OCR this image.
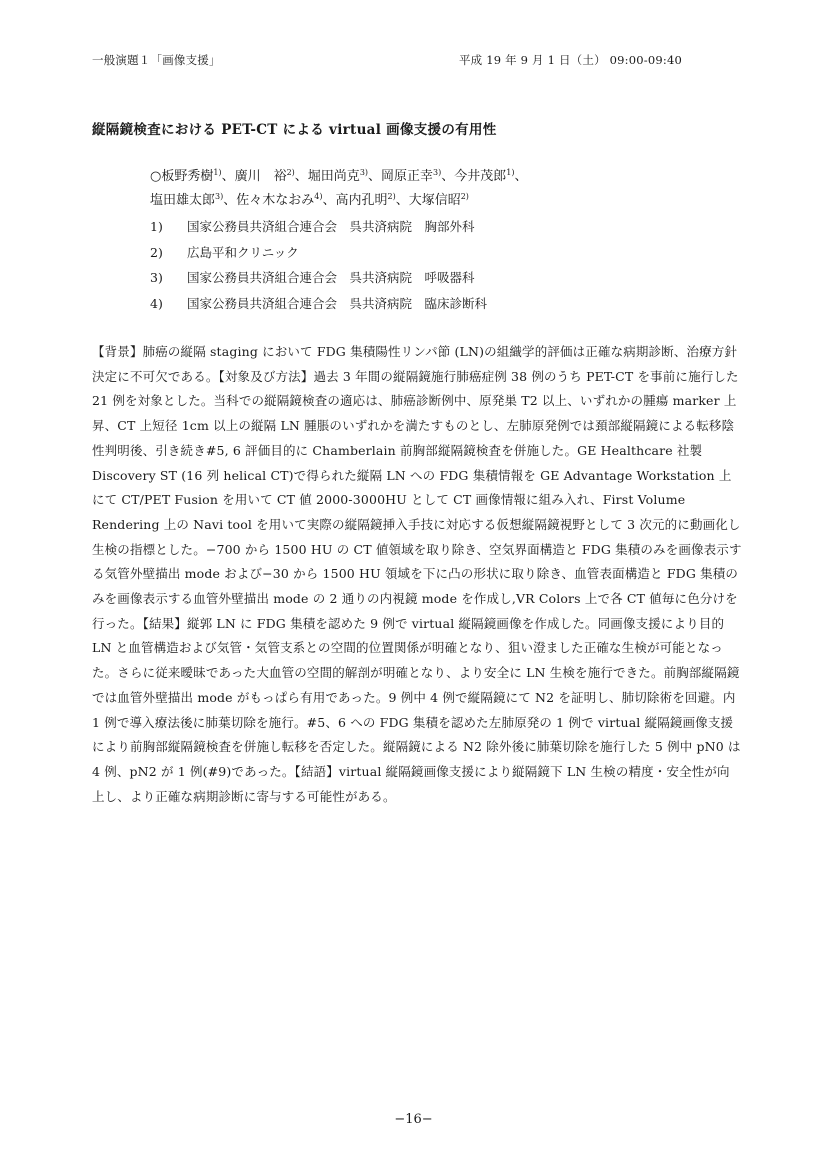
一般演題１「画像支援」	平成 19 年 9 月 1 日（土） 09:00-09:40
縦隔鏡検査における PET-CT による virtual 画像支援の有用性
○板野秀樹$^{1)}$、廣川　裕$^{2)}$、堀田尚克$^{3)}$、岡原正幸$^{3)}$、今井茂郎$^{1)}$、
塩田雄太郎$^{3)}$、佐々木なおみ$^{4)}$、高内孔明$^{2)}$、大塚信昭$^{2)}$
1)	国家公務員共済組合連合会　呉共済病院　胸部外科
2)	広島平和クリニック
3)	国家公務員共済組合連合会　呉共済病院　呼吸器科
4)	国家公務員共済組合連合会　呉共済病院　臨床診断科

【背景】肺癌の縦隔 staging において FDG 集積陽性リンパ節 (LN)の組織学的評価は正確な病期診断、治療方針決定に不可欠である。【対象及び方法】過去 3 年間の縦隔鏡施行肺癌症例 38 例のうち PET-CT を事前に施行した 21 例を対象とした。当科での縦隔鏡検査の適応は、肺癌診断例中、原発巣 T2 以上、いずれかの腫瘍 marker 上昇、CT 上短径 1cm 以上の縦隔 LN 腫脹のいずれかを満たすものとし、左肺原発例では頚部縦隔鏡による転移陰性判明後、引き続き#5, 6 評価目的に Chamberlain 前胸部縦隔鏡検査を併施した。GE Healthcare 社製 Discovery ST (16 列 helical CT)で得られた縦隔 LN への FDG 集積情報を GE Advantage Workstation 上にて CT/PET Fusion を用いて CT 値 2000-3000HU として CT 画像情報に組み入れ、First Volume Rendering 上の Navi tool を用いて実際の縦隔鏡挿入手技に対応する仮想縦隔鏡視野として 3 次元的に動画化し生検の指標とした。−700 から 1500 HU の CT 値領域を取り除き、空気界面構造と FDG 集積のみを画像表示する気管外壁描出 mode および−30 から 1500 HU 領域を下に凸の形状に取り除き、血管表面構造と FDG 集積のみを画像表示する血管外壁描出 mode の 2 通りの内視鏡 mode を作成し,VR Colors 上で各 CT 値毎に色分けを行った。【結果】縦郭 LN に FDG 集積を認めた 9 例で virtual 縦隔鏡画像を作成した。同画像支援により目的 LN と血管構造および気管・気管支系との空間的位置関係が明確となり、狙い澄ました正確な生検が可能となった。さらに従来曖昧であった大血管の空間的解剖が明確となり、より安全に LN 生検を施行できた。前胸部縦隔鏡では血管外壁描出 mode がもっぱら有用であった。9 例中 4 例で縦隔鏡にて N2 を証明し、肺切除術を回避。内 1 例で導入療法後に肺葉切除を施行。#5、6 への FDG 集積を認めた左肺原発の 1 例で virtual 縦隔鏡画像支援により前胸部縦隔鏡検査を併施し転移を否定した。縦隔鏡による N2 除外後に肺葉切除を施行した 5 例中 pN0 は 4 例、pN2 が 1 例(#9)であった。【結語】virtual 縦隔鏡画像支援により縦隔鏡下 LN 生検の精度・安全性が向上し、より正確な病期診断に寄与する可能性がある。

−16−
